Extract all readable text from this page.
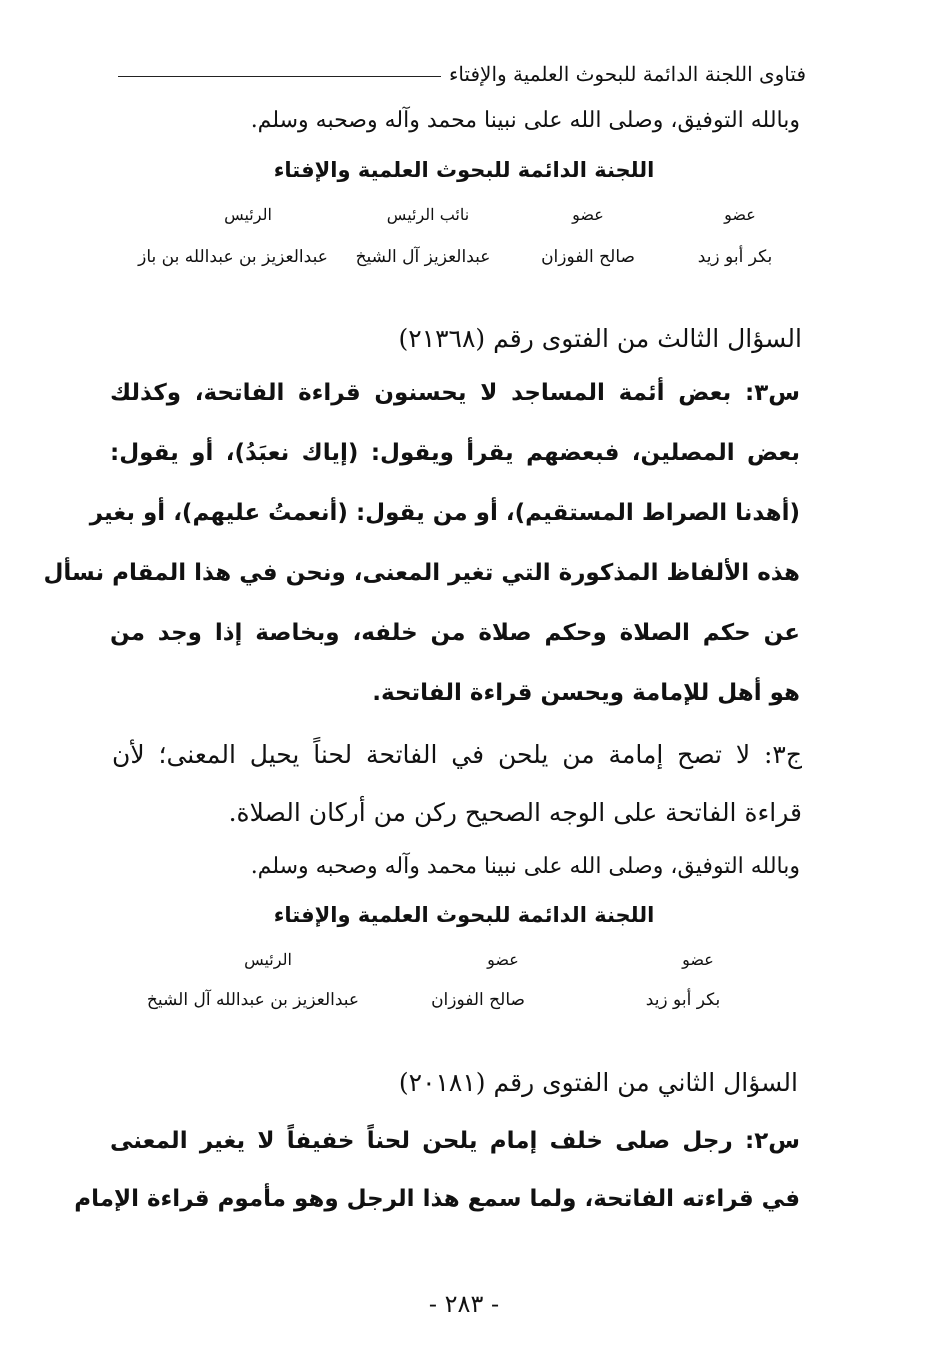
فتاوى اللجنة الدائمة للبحوث العلمية والإفتاء
وبالله التوفيق، وصلى الله على نبينا محمد وآله وصحبه وسلم.
اللجنة الدائمة للبحوث العلمية والإفتاء
عضو
عضو
نائب الرئيس
الرئيس
بكر أبو زيد
صالح الفوزان
عبدالعزيز آل الشيخ
عبدالعزيز بن عبدالله بن باز
السؤال الثالث من الفتوى رقم (٢١٣٦٨)
س٣: بعض أئمة المساجد لا يحسنون قراءة الفاتحة، وكذلك
بعض المصلين، فبعضهم يقرأ ويقول: (إياك نعبَدُ)، أو يقول:
(أهدنا الصراط المستقيم)، أو من يقول: (أنعمتُ عليهم)، أو بغير
هذه الألفاظ المذكورة التي تغير المعنى، ونحن في هذا المقام نسأل
عن حكم الصلاة وحكم صلاة من خلفه، وبخاصة إذا وجد من
هو أهل للإمامة ويحسن قراءة الفاتحة.
ج٣: لا تصح إمامة من يلحن في الفاتحة لحناً يحيل المعنى؛ لأن
قراءة الفاتحة على الوجه الصحيح ركن من أركان الصلاة.
وبالله التوفيق، وصلى الله على نبينا محمد وآله وصحبه وسلم.
اللجنة الدائمة للبحوث العلمية والإفتاء
عضو
عضو
الرئيس
بكر أبو زيد
صالح الفوزان
عبدالعزيز بن عبدالله آل الشيخ
السؤال الثاني من الفتوى رقم (٢٠١٨١)
س٢: رجل صلى خلف إمام يلحن لحناً خفيفاً لا يغير المعنى
في قراءته الفاتحة، ولما سمع هذا الرجل وهو مأموم قراءة الإمام
- ٢٨٣ -
